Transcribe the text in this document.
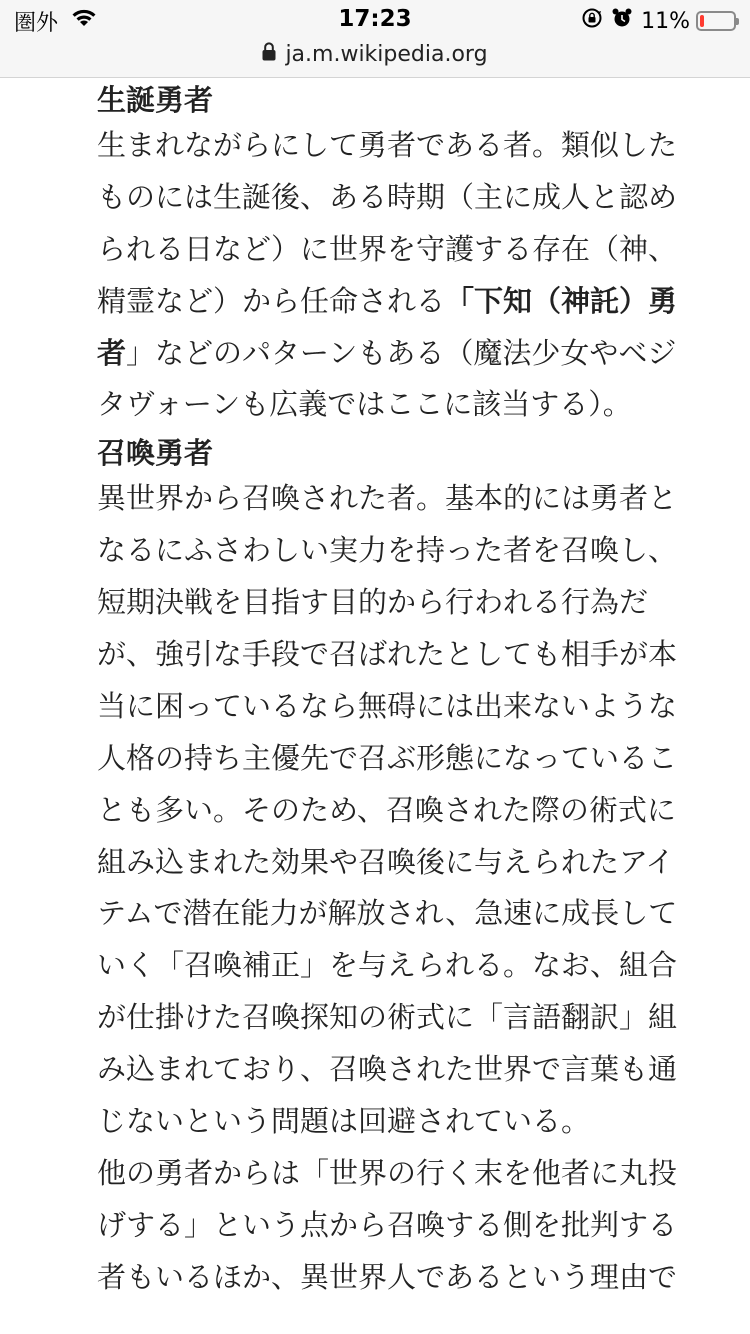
圏外	17:23	11%
ja.m.wikipedia.org
生誕勇者
生まれながらにして勇者である者。類似した
ものには生誕後、ある時期（主に成人と認め
られる日など）に世界を守護する存在（神、
精霊など）から任命される「下知（神託）勇
者」などのパターンもある（魔法少女やベジ
タヴォーンも広義ではここに該当する）。
召喚勇者
異世界から召喚された者。基本的には勇者と
なるにふさわしい実力を持った者を召喚し、
短期決戦を目指す目的から行われる行為だ
が、強引な手段で召ばれたとしても相手が本
当に困っているなら無碍には出来ないような
人格の持ち主優先で召ぶ形態になっているこ
とも多い。そのため、召喚された際の術式に
組み込まれた効果や召喚後に与えられたアイ
テムで潜在能力が解放され、急速に成長して
いく「召喚補正」を与えられる。なお、組合
が仕掛けた召喚探知の術式に「言語翻訳」組
み込まれており、召喚された世界で言葉も通
じないという問題は回避されている。
他の勇者からは「世界の行く末を他者に丸投
げする」という点から召喚する側を批判する
者もいるほか、異世界人であるという理由で
